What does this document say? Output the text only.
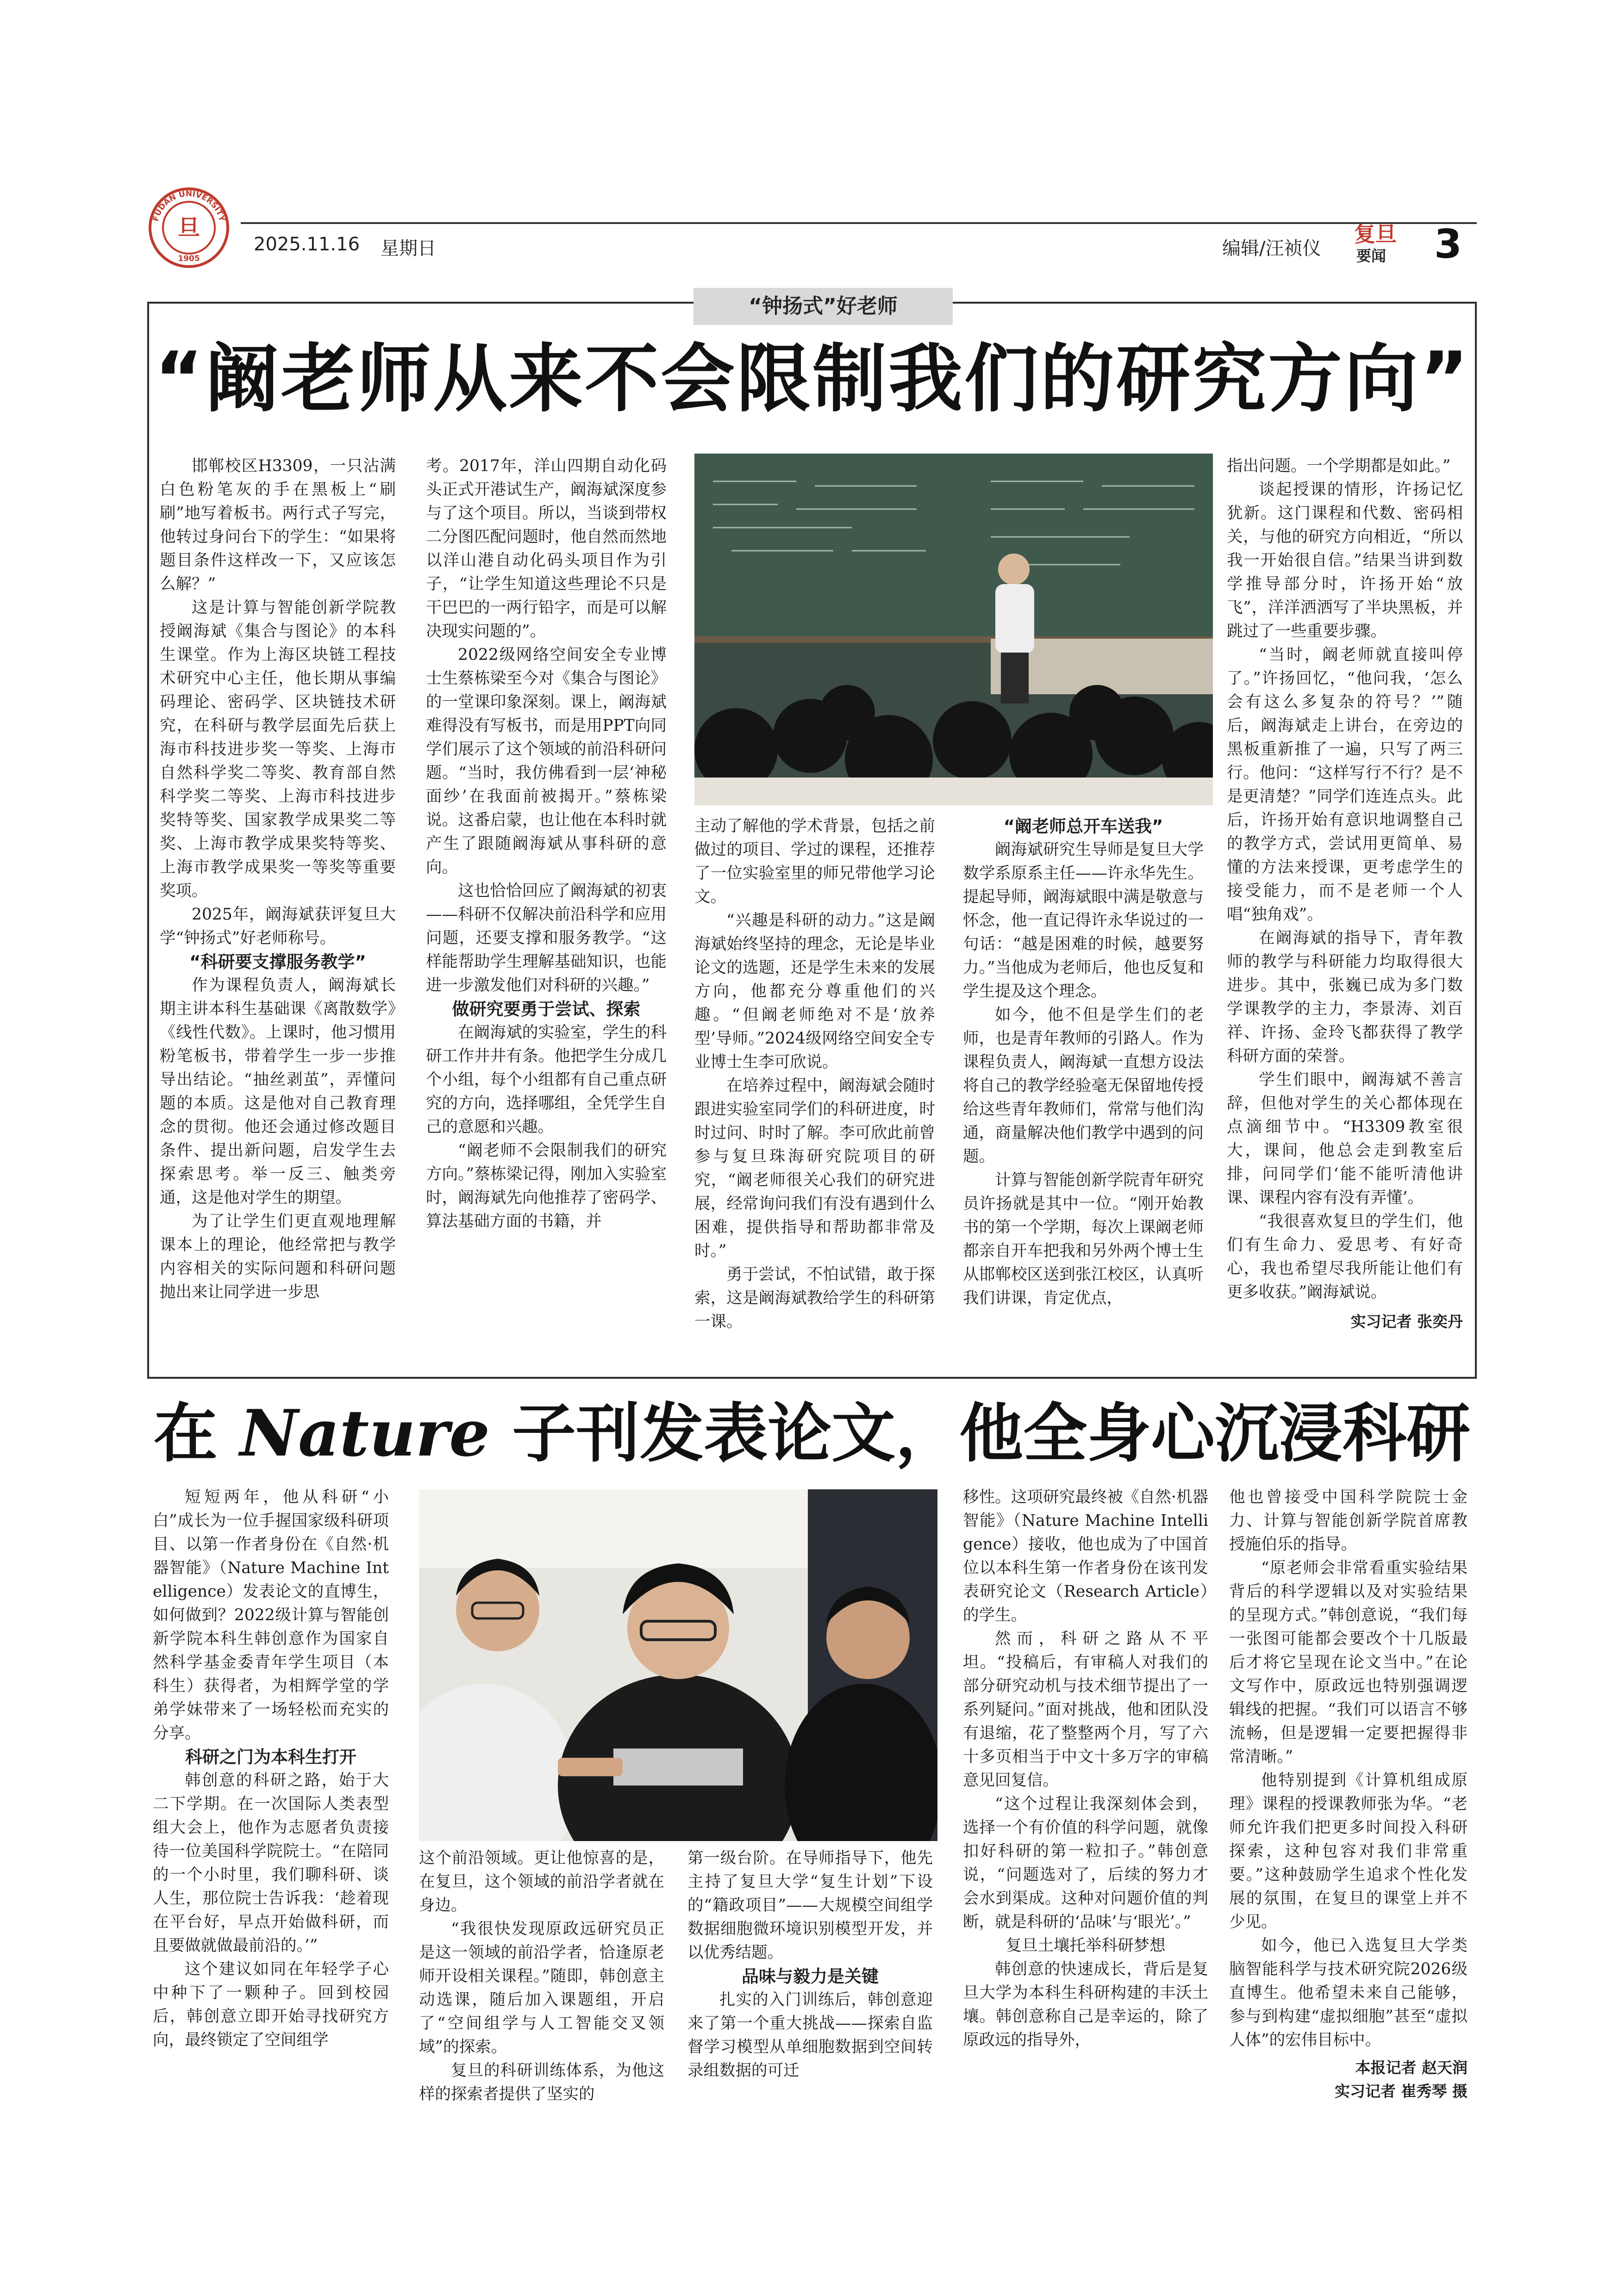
FUDAN UNIVERSITY
旦
1905
2025.11.16 星期日	编辑/汪祯仪
复旦
要闻 3
“钟扬式”好老师
“阚老师从来不会限制我们的研究方向”

邯郸校区H3309，一只沾满白色粉笔灰的手在黑板上“刷刷”地写着板书。两行式子写完，他转过身问台下的学生：“如果将题目条件这样改一下，又应该怎么解？”

这是计算与智能创新学院教授阚海斌《集合与图论》的本科生课堂。作为上海区块链工程技术研究中心主任，他长期从事编码理论、密码学、区块链技术研究，在科研与教学层面先后获上海市科技进步奖一等奖、上海市自然科学奖二等奖、教育部自然科学奖二等奖、上海市科技进步奖特等奖、国家教学成果奖二等奖、上海市教学成果奖特等奖、上海市教学成果奖一等奖等重要奖项。

2025年，阚海斌获评复旦大学“钟扬式”好老师称号。

“科研要支撑服务教学”

作为课程负责人，阚海斌长期主讲本科生基础课《离散数学》《线性代数》。上课时，他习惯用粉笔板书，带着学生一步一步推导出结论。“抽丝剥茧”，弄懂问题的本质。这是他对自己教育理念的贯彻。他还会通过修改题目条件、提出新问题，启发学生去探索思考。举一反三、触类旁通，这是他对学生的期望。

为了让学生们更直观地理解课本上的理论，他经常把与教学内容相关的实际问题和科研问题抛出来让同学进一步思

考。2017年，洋山四期自动化码头正式开港试生产，阚海斌深度参与了这个项目。所以，当谈到带权二分图匹配问题时，他自然而然地以洋山港自动化码头项目作为引子，“让学生知道这些理论不只是干巴巴的一两行铅字，而是可以解决现实问题的”。

2022级网络空间安全专业博士生蔡栋梁至今对《集合与图论》的一堂课印象深刻。课上，阚海斌难得没有写板书，而是用PPT向同学们展示了这个领域的前沿科研问题。“当时，我仿佛看到一层‘神秘面纱’在我面前被揭开。”蔡栋梁说。这番启蒙，也让他在本科时就产生了跟随阚海斌从事科研的意向。

这也恰恰回应了阚海斌的初衷——科研不仅解决前沿科学和应用问题，还要支撑和服务教学。“这样能帮助学生理解基础知识，也能进一步激发他们对科研的兴趣。”

做研究要勇于尝试、探索

在阚海斌的实验室，学生的科研工作井井有条。他把学生分成几个小组，每个小组都有自己重点研究的方向，选择哪组，全凭学生自己的意愿和兴趣。

“阚老师不会限制我们的研究方向。”蔡栋梁记得，刚加入实验室时，阚海斌先向他推荐了密码学、算法基础方面的书籍，并

主动了解他的学术背景，包括之前做过的项目、学过的课程，还推荐了一位实验室里的师兄带他学习论文。

“兴趣是科研的动力。”这是阚海斌始终坚持的理念，无论是毕业论文的选题，还是学生未来的发展方向，他都充分尊重他们的兴趣。“但阚老师绝对不是‘放养型’导师。”2024级网络空间安全专业博士生李可欣说。

在培养过程中，阚海斌会随时跟进实验室同学们的科研进度，时时过问、时时了解。李可欣此前曾参与复旦珠海研究院项目的研究，“阚老师很关心我们的研究进展，经常询问我们有没有遇到什么困难，提供指导和帮助都非常及时。”

勇于尝试，不怕试错，敢于探索，这是阚海斌教给学生的科研第一课。

“阚老师总开车送我”

阚海斌研究生导师是复旦大学数学系原系主任——许永华先生。提起导师，阚海斌眼中满是敬意与怀念，他一直记得许永华说过的一句话：“越是困难的时候，越要努力。”当他成为老师后，他也反复和学生提及这个理念。

如今，他不但是学生们的老师，也是青年教师的引路人。作为课程负责人，阚海斌一直想方设法将自己的教学经验毫无保留地传授给这些青年教师们，常常与他们沟通，商量解决他们教学中遇到的问题。

计算与智能创新学院青年研究员许扬就是其中一位。“刚开始教书的第一个学期，每次上课阚老师都亲自开车把我和另外两个博士生从邯郸校区送到张江校区，认真听我们讲课，肯定优点，

指出问题。一个学期都是如此。”

谈起授课的情形，许扬记忆犹新。这门课程和代数、密码相关，与他的研究方向相近，“所以我一开始很自信。”结果当讲到数学推导部分时，许扬开始“放飞”，洋洋洒洒写了半块黑板，并跳过了一些重要步骤。

“当时，阚老师就直接叫停了。”许扬回忆，“他问我，‘怎么会有这么多复杂的符号？’”随后，阚海斌走上讲台，在旁边的黑板重新推了一遍，只写了两三行。他问：“这样写行不行？是不是更清楚？”同学们连连点头。此后，许扬开始有意识地调整自己的教学方式，尝试用更简单、易懂的方法来授课，更考虑学生的接受能力，而不是老师一个人唱“独角戏”。

在阚海斌的指导下，青年教师的教学与科研能力均取得很大进步。其中，张巍已成为多门数学课教学的主力，李景涛、刘百祥、许扬、金玲飞都获得了教学科研方面的荣誉。

学生们眼中，阚海斌不善言辞，但他对学生的关心都体现在点滴细节中。“H3309教室很大，课间，他总会走到教室后排，问同学们‘能不能听清他讲课、课程内容有没有弄懂’。

“我很喜欢复旦的学生们，他们有生命力、爱思考、有好奇心，我也希望尽我所能让他们有更多收获。”阚海斌说。

实习记者 张奕丹

在 Nature 子刊发表论文，他全身心沉浸科研

短短两年，他从科研“小白”成长为一位手握国家级科研项目、以第一作者身份在《自然·机器智能》（Nature Machine Intelligence）发表论文的直博生，如何做到？2022级计算与智能创新学院本科生韩创意作为国家自然科学基金委青年学生项目（本科生）获得者，为相辉学堂的学弟学妹带来了一场轻松而充实的分享。

科研之门为本科生打开

韩创意的科研之路，始于大二下学期。在一次国际人类表型组大会上，他作为志愿者负责接待一位美国科学院院士。“在陪同的一个小时里，我们聊科研、谈人生，那位院士告诉我：‘趁着现在平台好，早点开始做科研，而且要做就做最前沿的。’”

这个建议如同在年轻学子心中种下了一颗种子。回到校园后，韩创意立即开始寻找研究方向，最终锁定了空间组学

这个前沿领域。更让他惊喜的是，在复旦，这个领域的前沿学者就在身边。

“我很快发现原政远研究员正是这一领域的前沿学者，恰逢原老师开设相关课程。”随即，韩创意主动选课，随后加入课题组，开启了“空间组学与人工智能交叉领域”的探索。

复旦的科研训练体系，为他这样的探索者提供了坚实的

第一级台阶。在导师指导下，他先主持了复旦大学“复生计划”下设的“籍政项目”——大规模空间组学数据细胞微环境识别模型开发，并以优秀结题。

品味与毅力是关键

扎实的入门训练后，韩创意迎来了第一个重大挑战——探索自监督学习模型从单细胞数据到空间转录组数据的可迁

移性。这项研究最终被《自然·机器智能》（Nature Machine Intelligence）接收，他也成为了中国首位以本科生第一作者身份在该刊发表研究论文（Research Article）的学生。

然而，科研之路从不平坦。“投稿后，有审稿人对我们的部分研究动机与技术细节提出了一系列疑问。”面对挑战，他和团队没有退缩，花了整整两个月，写了六十多页相当于中文十多万字的审稿意见回复信。

“这个过程让我深刻体会到，选择一个有价值的科学问题，就像扣好科研的第一粒扣子。”韩创意说，“问题选对了，后续的努力才会水到渠成。这种对问题价值的判断，就是科研的‘品味’与‘眼光’。”

复旦土壤托举科研梦想

韩创意的快速成长，背后是复旦大学为本科生科研构建的丰沃土壤。韩创意称自己是幸运的，除了原政远的指导外，

他也曾接受中国科学院院士金力、计算与智能创新学院首席教授施伯乐的指导。

“原老师会非常看重实验结果背后的科学逻辑以及对实验结果的呈现方式。”韩创意说，“我们每一张图可能都会要改个十几版最后才将它呈现在论文当中。”在论文写作中，原政远也特别强调逻辑线的把握。“我们可以语言不够流畅，但是逻辑一定要把握得非常清晰。”

他特别提到《计算机组成原理》课程的授课教师张为华。“老师允许我们把更多时间投入科研探索，这种包容对我们非常重要。”这种鼓励学生追求个性化发展的氛围，在复旦的课堂上并不少见。

如今，他已入选复旦大学类脑智能科学与技术研究院2026级直博生。他希望未来自己能够，参与到构建“虚拟细胞”甚至“虚拟人体”的宏伟目标中。

本报记者 赵天润

实习记者 崔秀琴 摄
